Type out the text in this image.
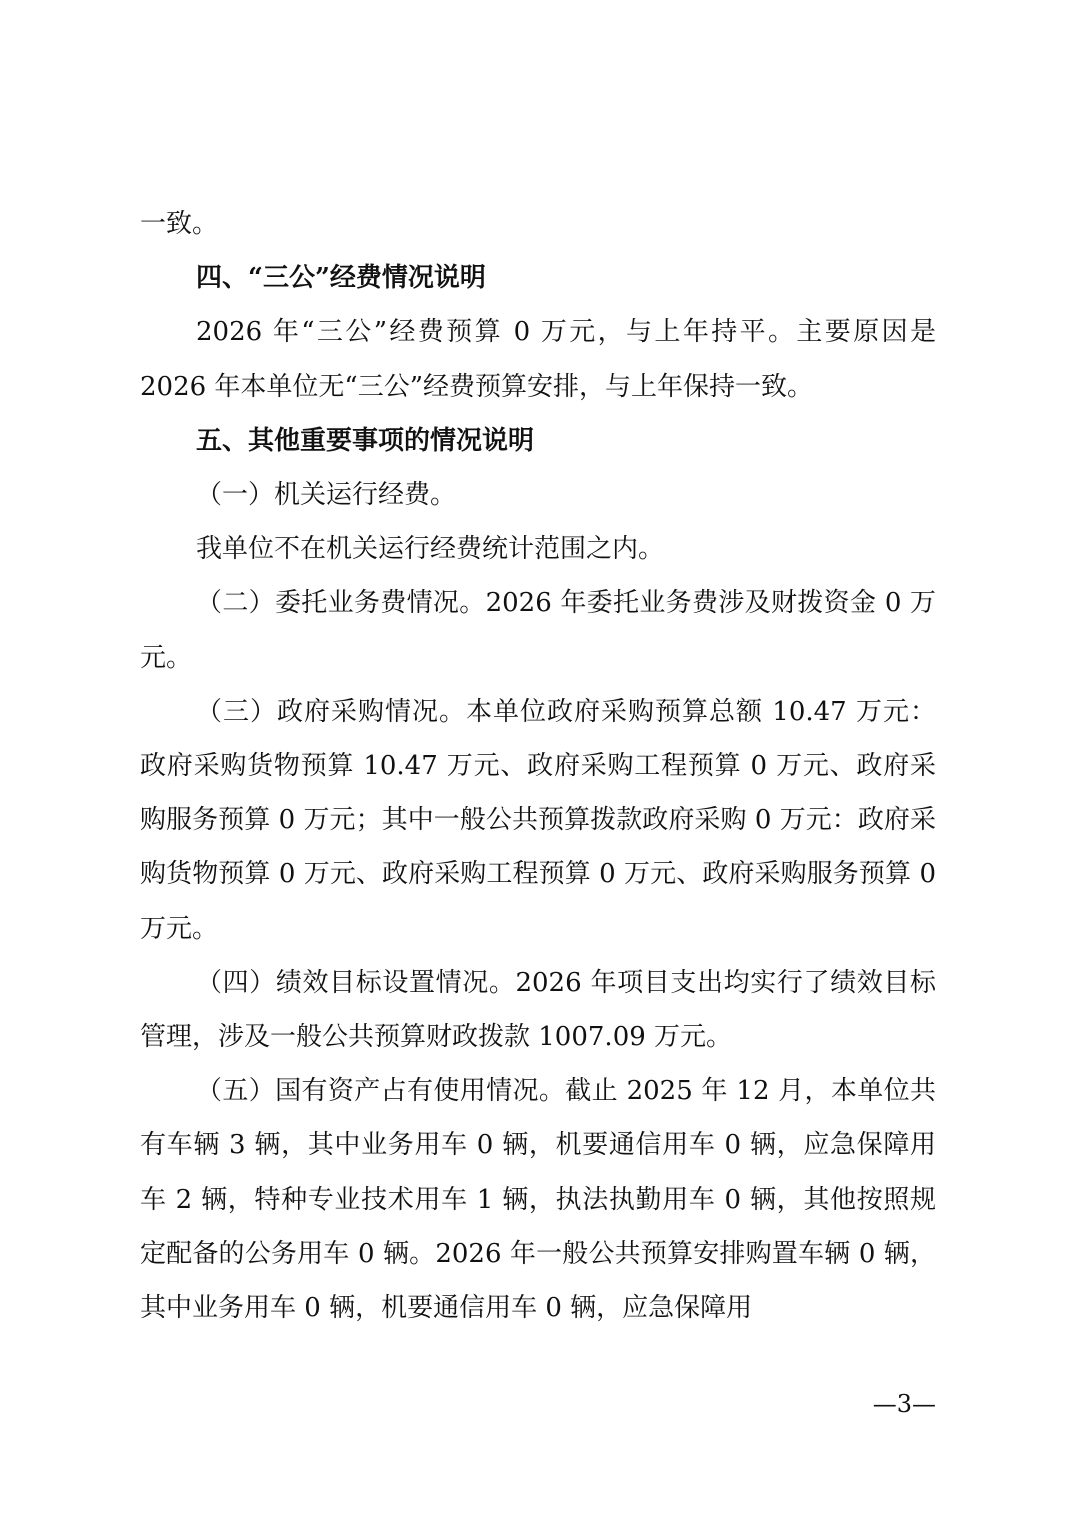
一致。

四、“三公”经费情况说明

2026 年“三公”经费预算 0 万元，与上年持平。主要原因是 2026 年本单位无“三公”经费预算安排，与上年保持一致。

五、其他重要事项的情况说明

（一）机关运行经费。

我单位不在机关运行经费统计范围之内。

（二）委托业务费情况。2026 年委托业务费涉及财拨资金 0 万元。

（三）政府采购情况。本单位政府采购预算总额 10.47 万元：政府采购货物预算 10.47 万元、政府采购工程预算 0 万元、政府采购服务预算 0 万元；其中一般公共预算拨款政府采购 0 万元：政府采购货物预算 0 万元、政府采购工程预算 0 万元、政府采购服务预算 0 万元。

（四）绩效目标设置情况。2026 年项目支出均实行了绩效目标管理，涉及一般公共预算财政拨款 1007.09 万元。

（五）国有资产占有使用情况。截止 2025 年 12 月，本单位共有车辆 3 辆，其中业务用车 0 辆，机要通信用车 0 辆，应急保障用车 2 辆，特种专业技术用车 1 辆，执法执勤用车 0 辆，其他按照规定配备的公务用车 0 辆。2026 年一般公共预算安排购置车辆 0 辆，其中业务用车 0 辆，机要通信用车 0 辆，应急保障用

—3—
